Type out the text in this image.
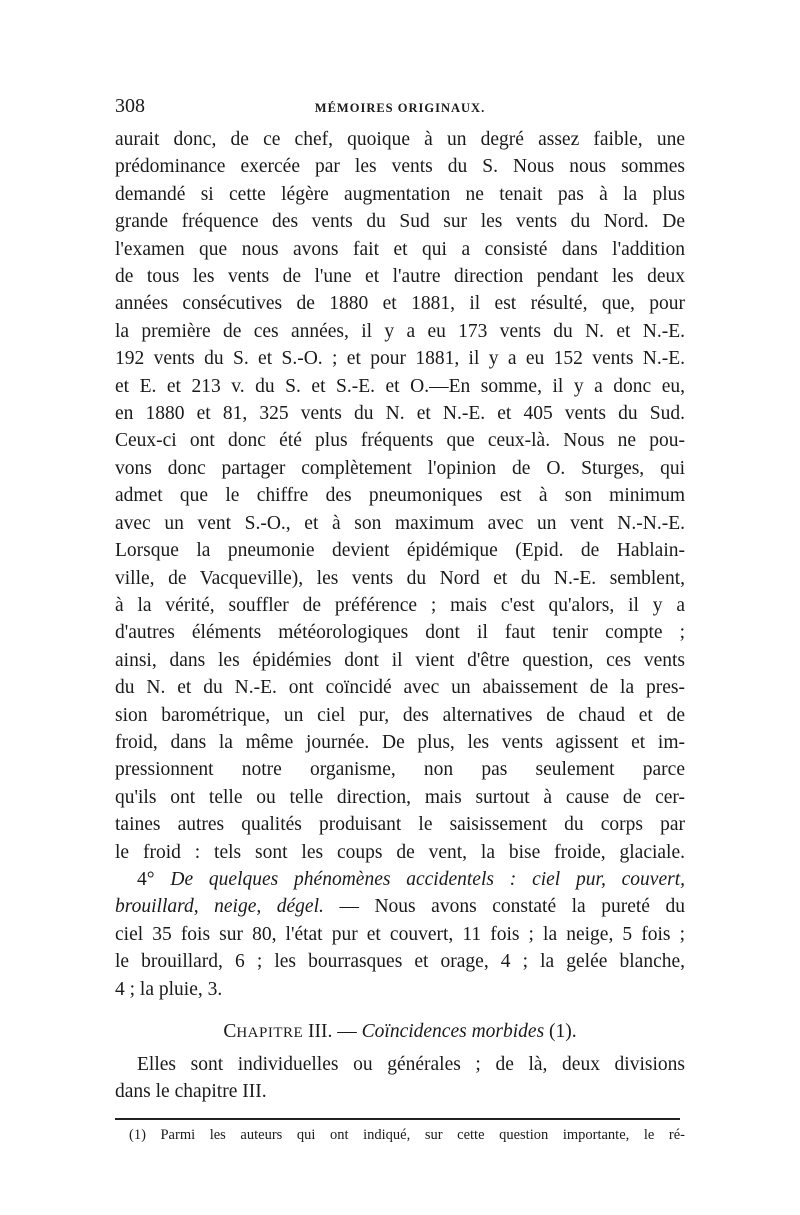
308	MÉMOIRES ORIGINAUX.
aurait donc, de ce chef, quoique à un degré assez faible, une
prédominance exercée par les vents du S. Nous nous sommes
demandé si cette légère augmentation ne tenait pas à la plus
grande fréquence des vents du Sud sur les vents du Nord. De
l'examen que nous avons fait et qui a consisté dans l'addition
de tous les vents de l'une et l'autre direction pendant les deux
années consécutives de 1880 et 1881, il est résulté, que, pour
la première de ces années, il y a eu 173 vents du N. et N.-E.
192 vents du S. et S.-O. ; et pour 1881, il y a eu 152 vents N.-E.
et E. et 213 v. du S. et S.-E. et O.—En somme, il y a donc eu,
en 1880 et 81, 325 vents du N. et N.-E. et 405 vents du Sud.
Ceux-ci ont donc été plus fréquents que ceux-là. Nous ne pou-
vons donc partager complètement l'opinion de O. Sturges, qui
admet que le chiffre des pneumoniques est à son minimum
avec un vent S.-O., et à son maximum avec un vent N.-N.-E.
Lorsque la pneumonie devient épidémique (Epid. de Hablain-
ville, de Vacqueville), les vents du Nord et du N.-E. semblent,
à la vérité, souffler de préférence ; mais c'est qu'alors, il y a
d'autres éléments météorologiques dont il faut tenir compte ;
ainsi, dans les épidémies dont il vient d'être question, ces vents
du N. et du N.-E. ont coïncidé avec un abaissement de la pres-
sion barométrique, un ciel pur, des alternatives de chaud et de
froid, dans la même journée. De plus, les vents agissent et im-
pressionnent notre organisme, non pas seulement parce
qu'ils ont telle ou telle direction, mais surtout à cause de cer-
taines autres qualités produisant le saisissement du corps par
le froid : tels sont les coups de vent, la bise froide, glaciale.
4° De quelques phénomènes accidentels : ciel pur, couvert,
brouillard, neige, dégel. — Nous avons constaté la pureté du
ciel 35 fois sur 80, l'état pur et couvert, 11 fois ; la neige, 5 fois ;
le brouillard, 6 ; les bourrasques et orage, 4 ; la gelée blanche,
4 ; la pluie, 3.
CHAPITRE III. — Coïncidences morbides (1).
Elles sont individuelles ou générales ; de là, deux divisions
dans le chapitre III.
(1) Parmi les auteurs qui ont indiqué, sur cette question importante, le ré-
